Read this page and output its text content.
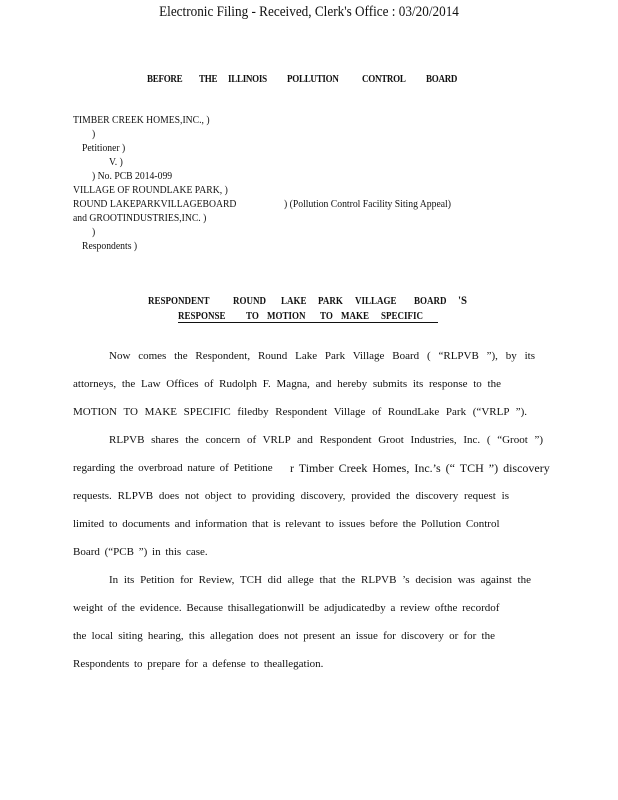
Electronic Filing - Received, Clerk's Office : 03/20/2014
BEFORE THE ILLINOIS POLLUTION CONTROL BOARD
TIMBER CREEK HOMES,INC., )
)
Petitioner )
V. )
) No. PCB 2014-099
VILLAGE OF ROUNDLAKE PARK, )
ROUND LAKEPARKVILLAGEBOARD	) (Pollution Control Facility Siting Appeal)
and GROOTINDUSTRIES,INC. )
)
Respondents )
RESPONDENT ROUND LAKE PARK VILLAGE BOARD 'S
RESPONSE TO MOTION TO MAKE SPECIFIC
Now comes the Respondent, Round Lake Park Village Board ( “RLPVB ”), by its
attorneys, the Law Offices of Rudolph F. Magna, and hereby submits its response to the
MOTION TO MAKE SPECIFIC filedby Respondent Village of RoundLake Park (“VRLP ”).
RLPVB shares the concern of VRLP and Respondent Groot Industries, Inc. ( “Groot ”)
regarding the overbroad nature of Petitione	r Timber Creek Homes, Inc.’s (“ TCH ”) discovery
requests. RLPVB does not object to providing discovery, provided the discovery request is
limited to documents and information that is relevant to issues before the Pollution Control
Board (“PCB ”) in this case.
In its Petition for Review, TCH did allege that the RLPVB ’s decision was against the
weight of the evidence. Because thisallegationwill be adjudicatedby a review ofthe recordof
the local siting hearing, this allegation does not present an issue for discovery or for the
Respondents to prepare for a defense to theallegation.
